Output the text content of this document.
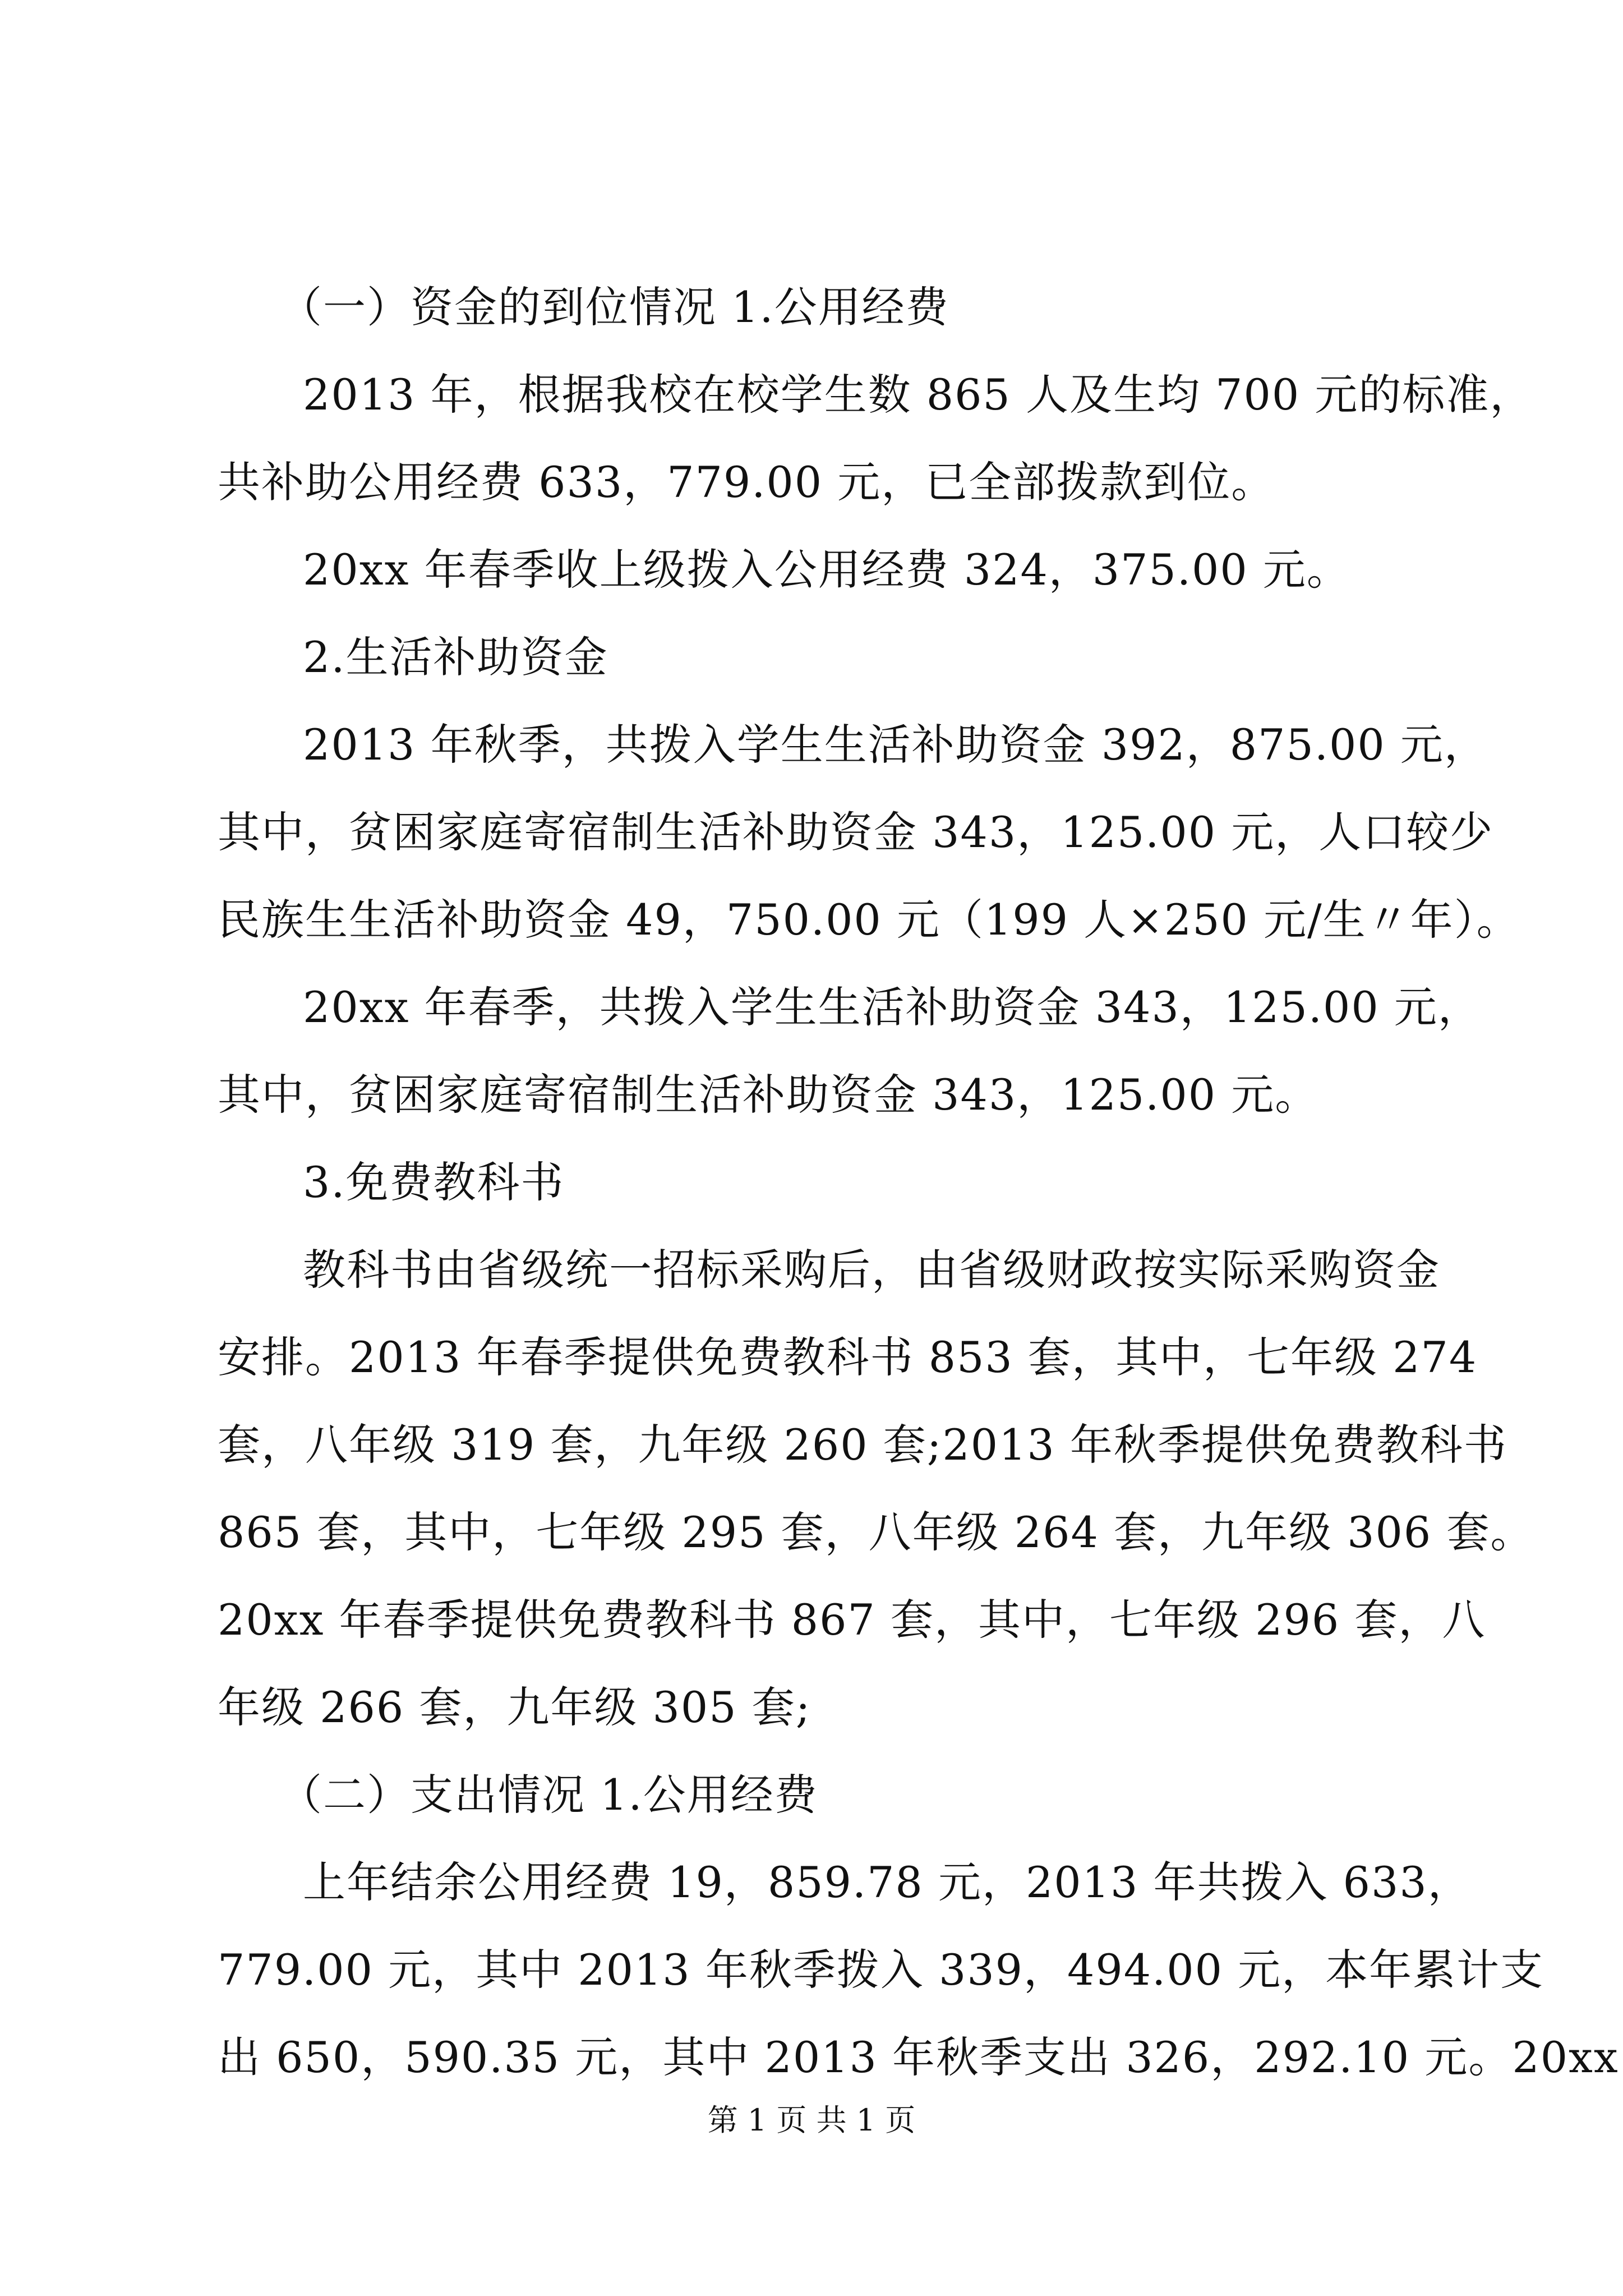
（一）资金的到位情况 1.公用经费
2013 年，根据我校在校学生数 865 人及生均 700 元的标准，
共补助公用经费 633，779.00 元，已全部拨款到位。
20xx 年春季收上级拨入公用经费 324，375.00 元。
2.生活补助资金
2013 年秋季，共拨入学生生活补助资金 392，875.00 元，
其中，贫困家庭寄宿制生活补助资金 343，125.00 元，人口较少
民族生生活补助资金 49，750.00 元（199 人×250 元/生〃年）。
20xx 年春季，共拨入学生生活补助资金 343，125.00 元，
其中，贫困家庭寄宿制生活补助资金 343，125.00 元。
3.免费教科书
教科书由省级统一招标采购后，由省级财政按实际采购资金
安排。2013 年春季提供免费教科书 853 套，其中，七年级 274
套，八年级 319 套，九年级 260 套;2013 年秋季提供免费教科书
865 套，其中，七年级 295 套，八年级 264 套，九年级 306 套。
20xx 年春季提供免费教科书 867 套，其中，七年级 296 套，八
年级 266 套，九年级 305 套;
（二）支出情况 1.公用经费
上年结余公用经费 19，859.78 元，2013 年共拨入 633，
779.00 元，其中 2013 年秋季拨入 339，494.00 元，本年累计支
出 650，590.35 元，其中 2013 年秋季支出 326，292.10 元。20xx
第 1 页 共 1 页
